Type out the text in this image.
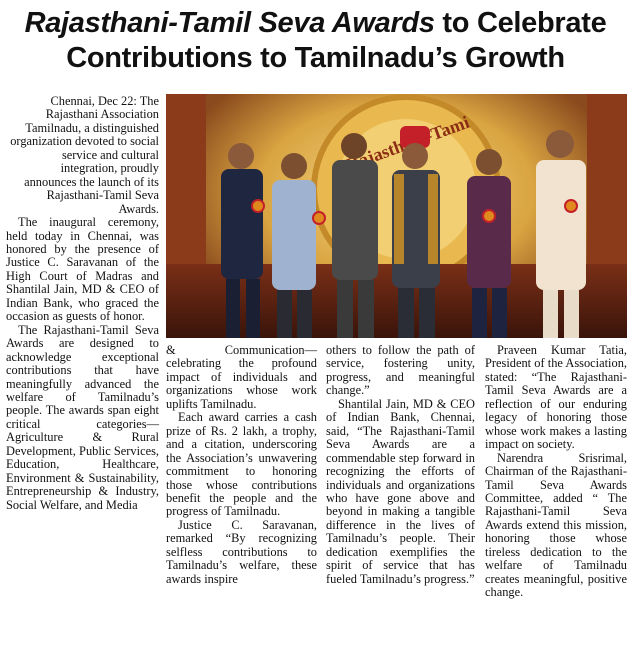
Rajasthani-Tamil Seva Awards to Celebrate Contributions to Tamilnadu’s Growth

Chennai, Dec 22: The Rajasthani Association Tamilnadu, a distinguished organization devoted to social service and cultural integration, proudly announces the launch of its Rajasthani-Tamil Seva Awards.

The inaugural ceremony, held today in Chennai, was honored by the presence of Justice C. Saravanan of the High Court of Madras and Shantilal Jain, MD & CEO of Indian Bank, who graced the occasion as guests of honor.

The Rajasthani-Tamil Seva Awards are designed to acknowledge exceptional contributions that have meaningfully advanced the welfare of Tamilnadu’s people. The awards span eight critical categories—Agriculture & Rural Development, Public Services, Education, Healthcare, Environment & Sustainability, Entrepreneurship & Industry, Social Welfare, and Media

& Communication—celebrating the profound impact of individuals and organizations whose work uplifts Tamilnadu.

Each award carries a cash prize of Rs. 2 lakh, a trophy, and a citation, underscoring the Association’s unwavering commitment to honoring those whose contributions benefit the people and the progress of Tamilnadu.

Justice C. Saravanan, remarked “By recognizing selfless contributions to Tamilnadu’s welfare, these awards inspire

others to follow the path of service, fostering unity, progress, and meaningful change.”

Shantilal Jain, MD & CEO of Indian Bank, Chennai, said, “The Rajasthani-Tamil Seva Awards are a commendable step forward in recognizing the efforts of individuals and organizations who have gone above and beyond in making a tangible difference in the lives of Tamilnadu’s people. Their dedication exemplifies the spirit of service that has fueled Tamilnadu’s progress.”

Praveen Kumar Tatia, President of the Association, stated: “The Rajasthani-Tamil Seva Awards are a reflection of our enduring legacy of honoring those whose work makes a lasting impact on society.

Narendra Srisrimal, Chairman of the Rajasthani-Tamil Seva Awards Committee, added “ The Rajasthani-Tamil Seva Awards extend this mission, honoring those whose tireless dedication to the welfare of Tamilnadu creates meaningful, positive change.
